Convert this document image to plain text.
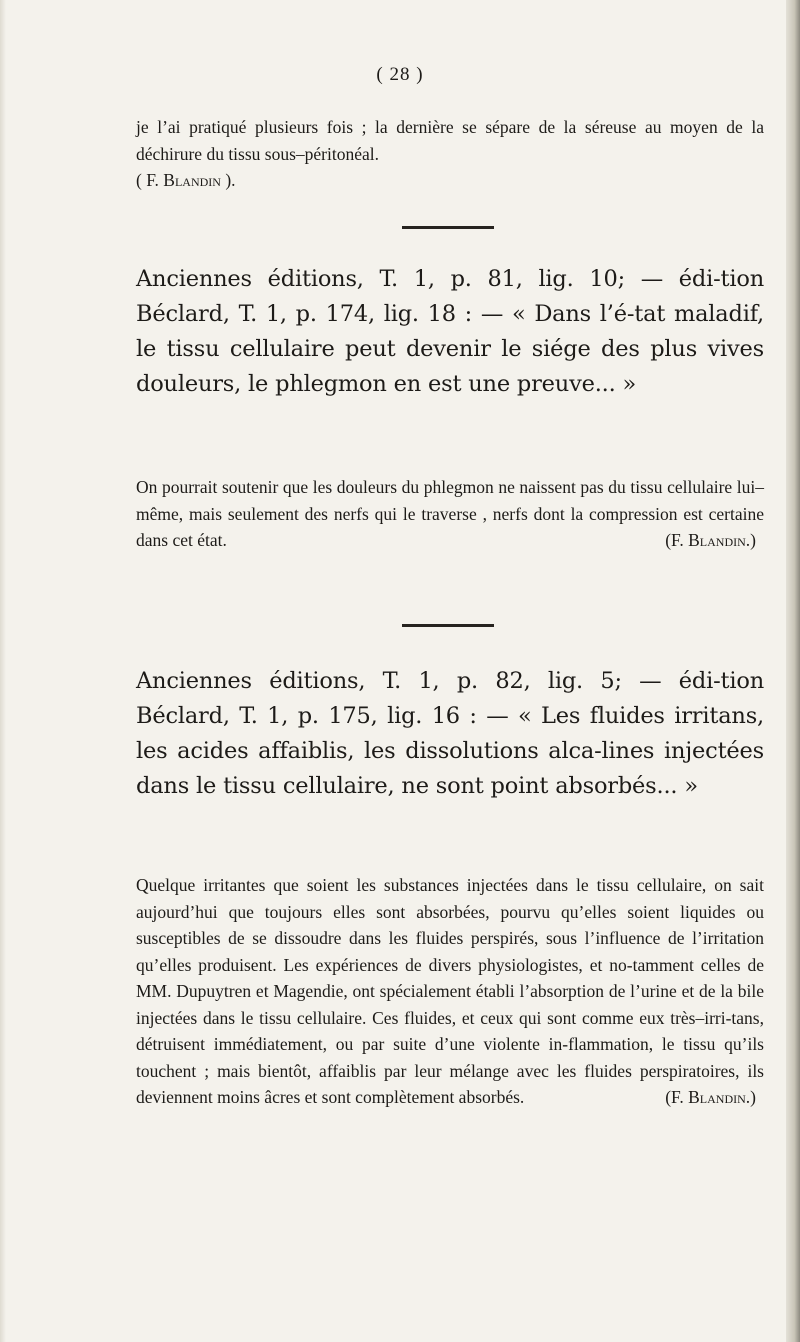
( 28 )
je l’ai pratiqué plusieurs fois ; la dernière se sépare de la séreuse au moyen de la déchirure du tissu sous–péritonéal.
( F. Blandin ).
Anciennes éditions, T. 1, p. 81, lig. 10; — édi-tion Béclard, T. 1, p. 174, lig. 18 : — « Dans l’é-tat maladif, le tissu cellulaire peut devenir le siége des plus vives douleurs, le phlegmon en est une preuve... »
On pourrait soutenir que les douleurs du phlegmon ne naissent pas du tissu cellulaire lui–même, mais seulement des nerfs qui le traverse , nerfs dont la compression est certaine dans cet état.	(F. Blandin.)
Anciennes éditions, T. 1, p. 82, lig. 5; — édi-tion Béclard, T. 1, p. 175, lig. 16 : — « Les fluides irritans, les acides affaiblis, les dissolutions alca-lines injectées dans le tissu cellulaire, ne sont point absorbés... »
Quelque irritantes que soient les substances injectées dans le tissu cellulaire, on sait aujourd’hui que toujours elles sont absorbées, pourvu qu’elles soient liquides ou susceptibles de se dissoudre dans les fluides perspirés, sous l’influence de l’irritation qu’elles produisent. Les expériences de divers physiologistes, et no-tamment celles de MM. Dupuytren et Magendie, ont spécialement établi l’absorption de l’urine et de la bile injectées dans le tissu cellulaire. Ces fluides, et ceux qui sont comme eux très–irri-tans, détruisent immédiatement, ou par suite d’une violente in-flammation, le tissu qu’ils touchent ; mais bientôt, affaiblis par leur mélange avec les fluides perspiratoires, ils deviennent moins âcres et sont complètement absorbés.	(F. Blandin.)
